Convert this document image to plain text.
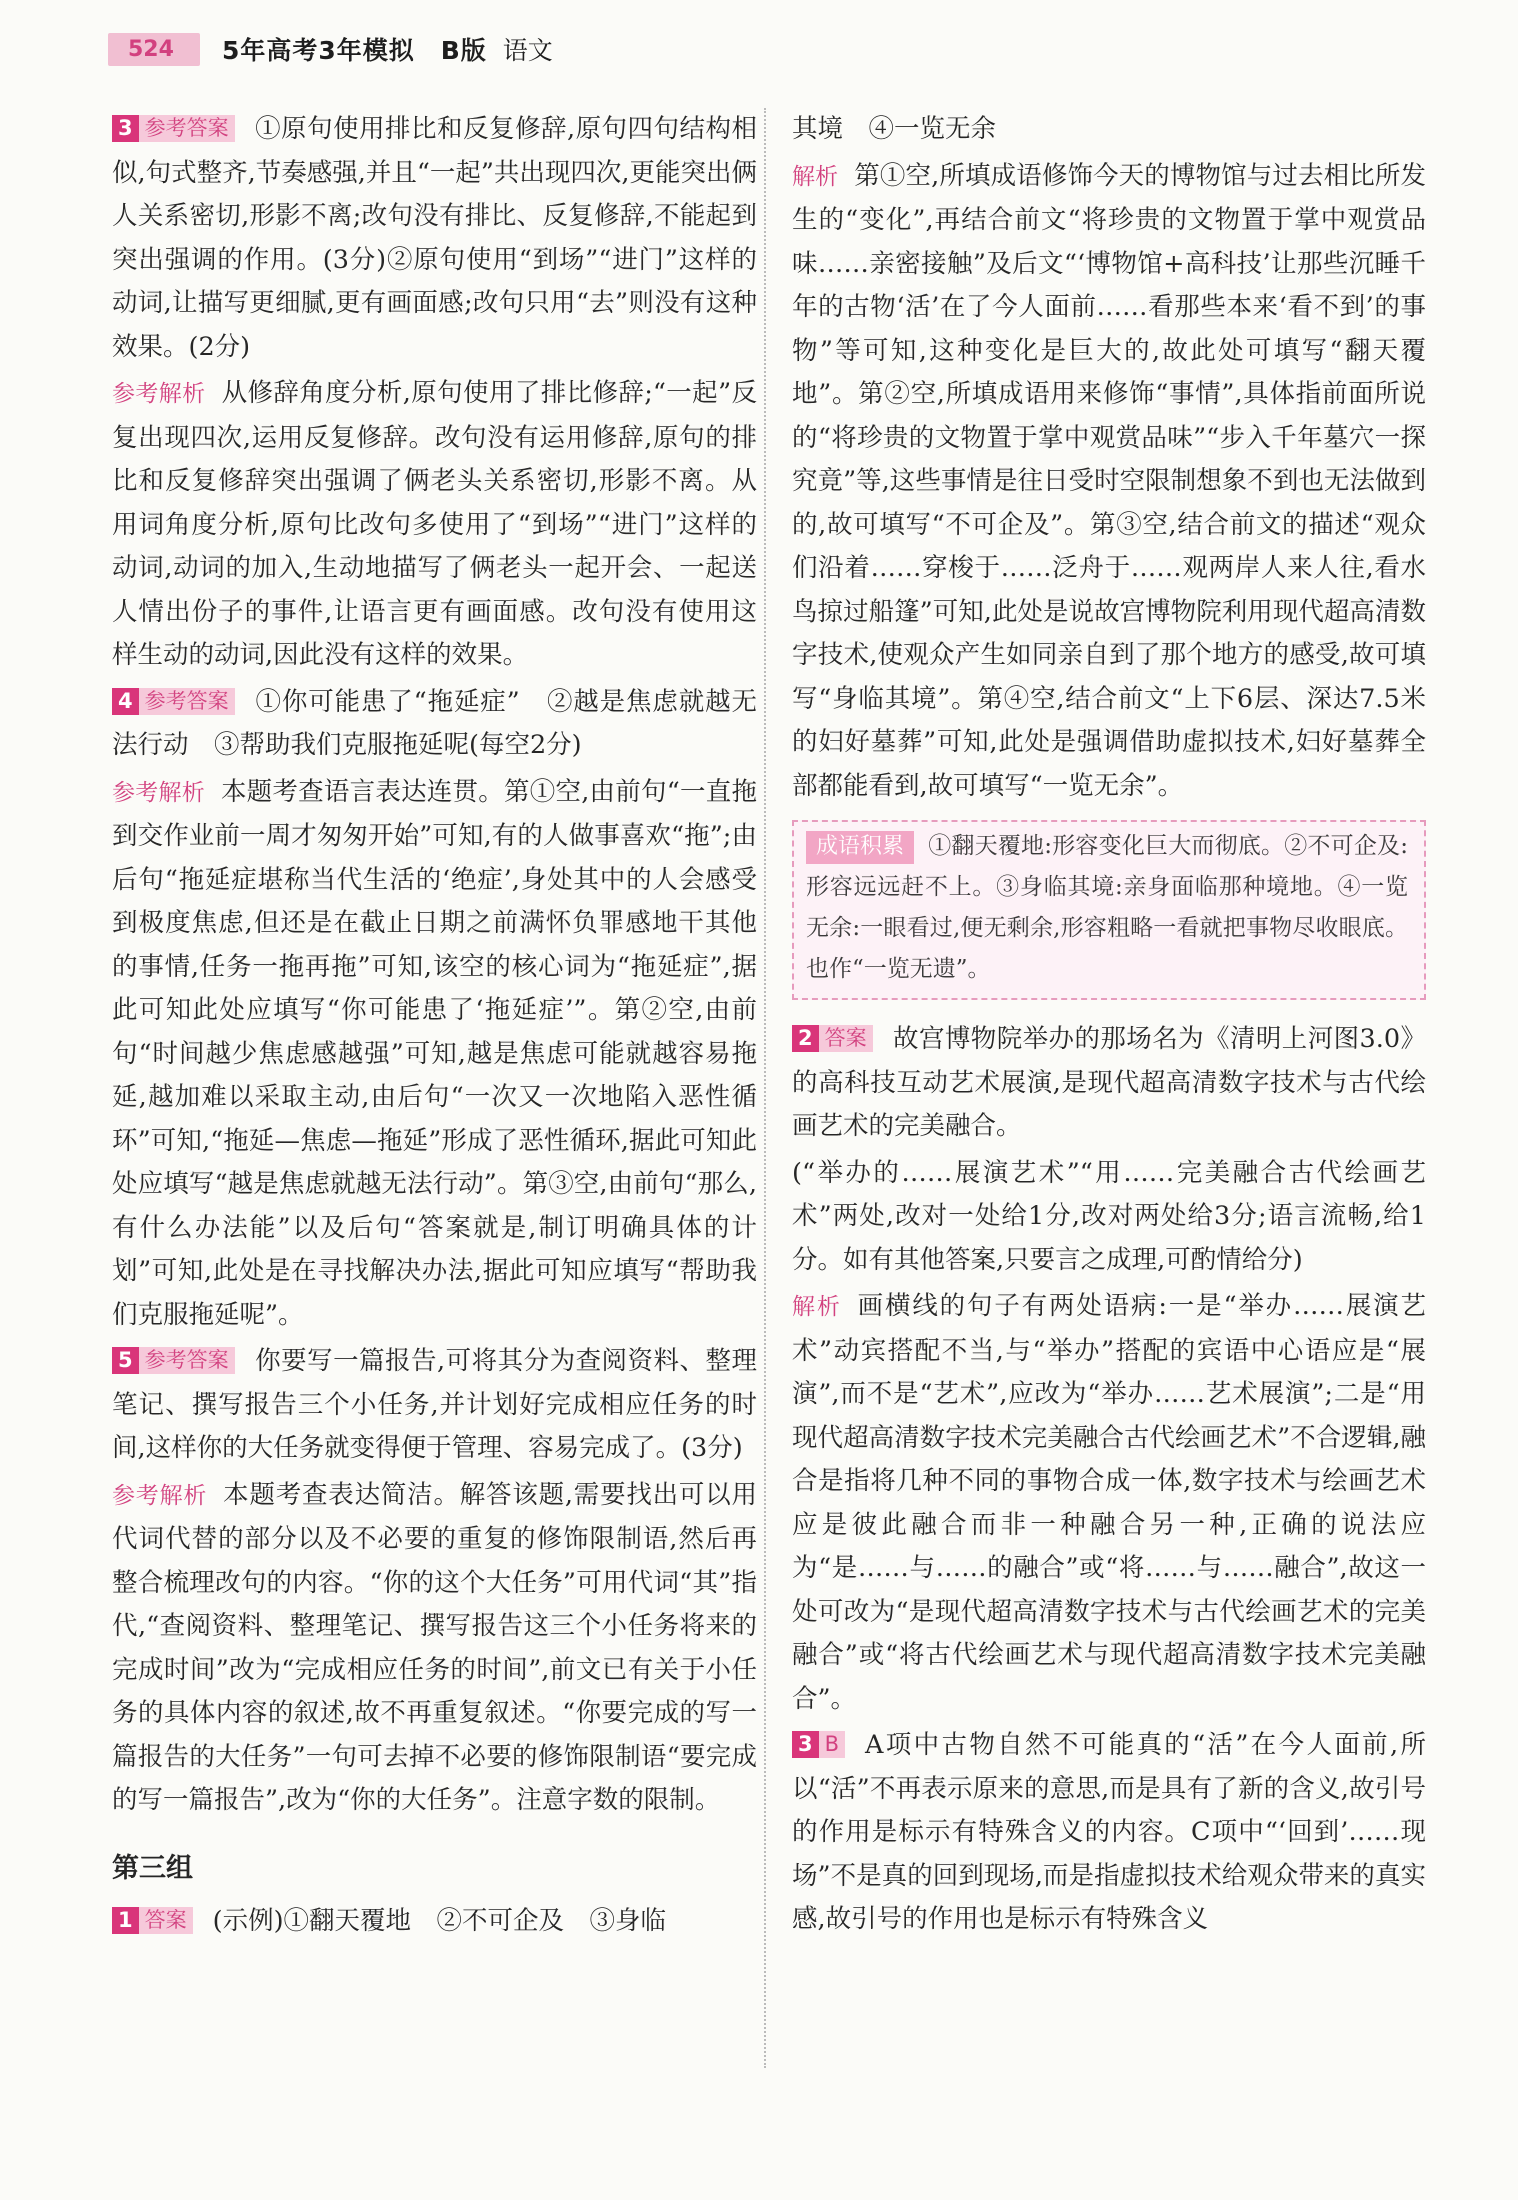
524	5年高考3年模拟　B版 语文

3 参考答案 ①原句使用排比和反复修辞,原句四句结构相似,句式整齐,节奏感强,并且“一起”共出现四次,更能突出俩人关系密切,形影不离;改句没有排比、反复修辞,不能起到突出强调的作用。(3分)②原句使用“到场”“进门”这样的动词,让描写更细腻,更有画面感;改句只用“去”则没有这种效果。(2分)

参考解析 从修辞角度分析,原句使用了排比修辞;“一起”反复出现四次,运用反复修辞。改句没有运用修辞,原句的排比和反复修辞突出强调了俩老头关系密切,形影不离。从用词角度分析,原句比改句多使用了“到场”“进门”这样的动词,动词的加入,生动地描写了俩老头一起开会、一起送人情出份子的事件,让语言更有画面感。改句没有使用这样生动的动词,因此没有这样的效果。

4 参考答案 ①你可能患了“拖延症”　②越是焦虑就越无法行动　③帮助我们克服拖延呢(每空2分)

参考解析 本题考查语言表达连贯。第①空,由前句“一直拖到交作业前一周才匆匆开始”可知,有的人做事喜欢“拖”;由后句“拖延症堪称当代生活的‘绝症’,身处其中的人会感受到极度焦虑,但还是在截止日期之前满怀负罪感地干其他的事情,任务一拖再拖”可知,该空的核心词为“拖延症”,据此可知此处应填写“你可能患了‘拖延症’”。第②空,由前句“时间越少焦虑感越强”可知,越是焦虑可能就越容易拖延,越加难以采取主动,由后句“一次又一次地陷入恶性循环”可知,“拖延—焦虑—拖延”形成了恶性循环,据此可知此处应填写“越是焦虑就越无法行动”。第③空,由前句“那么,有什么办法能”以及后句“答案就是,制订明确具体的计划”可知,此处是在寻找解决办法,据此可知应填写“帮助我们克服拖延呢”。

5 参考答案 你要写一篇报告,可将其分为查阅资料、整理笔记、撰写报告三个小任务,并计划好完成相应任务的时间,这样你的大任务就变得便于管理、容易完成了。(3分)

参考解析 本题考查表达简洁。解答该题,需要找出可以用代词代替的部分以及不必要的重复的修饰限制语,然后再整合梳理改句的内容。“你的这个大任务”可用代词“其”指代,“查阅资料、整理笔记、撰写报告这三个小任务将来的完成时间”改为“完成相应任务的时间”,前文已有关于小任务的具体内容的叙述,故不再重复叙述。“你要完成的写一篇报告的大任务”一句可去掉不必要的修饰限制语“要完成的写一篇报告”,改为“你的大任务”。注意字数的限制。

第三组

1 答案 (示例)①翻天覆地　②不可企及　③身临

其境　④一览无余

解析 第①空,所填成语修饰今天的博物馆与过去相比所发生的“变化”,再结合前文“将珍贵的文物置于掌中观赏品味……亲密接触”及后文“‘博物馆+高科技’让那些沉睡千年的古物‘活’在了今人面前……看那些本来‘看不到’的事物”等可知,这种变化是巨大的,故此处可填写“翻天覆地”。第②空,所填成语用来修饰“事情”,具体指前面所说的“将珍贵的文物置于掌中观赏品味”“步入千年墓穴一探究竟”等,这些事情是往日受时空限制想象不到也无法做到的,故可填写“不可企及”。第③空,结合前文的描述“观众们沿着……穿梭于……泛舟于……观两岸人来人往,看水鸟掠过船篷”可知,此处是说故宫博物院利用现代超高清数字技术,使观众产生如同亲自到了那个地方的感受,故可填写“身临其境”。第④空,结合前文“上下6层、深达7.5米的妇好墓葬”可知,此处是强调借助虚拟技术,妇好墓葬全部都能看到,故可填写“一览无余”。

成语积累 ①翻天覆地:形容变化巨大而彻底。②不可企及:形容远远赶不上。③身临其境:亲身面临那种境地。④一览无余:一眼看过,便无剩余,形容粗略一看就把事物尽收眼底。也作“一览无遗”。

2 答案 故宫博物院举办的那场名为《清明上河图3.0》的高科技互动艺术展演,是现代超高清数字技术与古代绘画艺术的完美融合。

(“举办的……展演艺术”“用……完美融合古代绘画艺术”两处,改对一处给1分,改对两处给3分;语言流畅,给1分。如有其他答案,只要言之成理,可酌情给分)

解析 画横线的句子有两处语病:一是“举办……展演艺术”动宾搭配不当,与“举办”搭配的宾语中心语应是“展演”,而不是“艺术”,应改为“举办……艺术展演”;二是“用现代超高清数字技术完美融合古代绘画艺术”不合逻辑,融合是指将几种不同的事物合成一体,数字技术与绘画艺术应是彼此融合而非一种融合另一种,正确的说法应为“是……与……的融合”或“将……与……融合”,故这一处可改为“是现代超高清数字技术与古代绘画艺术的完美融合”或“将古代绘画艺术与现代超高清数字技术完美融合”。

3 B A项中古物自然不可能真的“活”在今人面前,所以“活”不再表示原来的意思,而是具有了新的含义,故引号的作用是标示有特殊含义的内容。C项中“‘回到’……现场”不是真的回到现场,而是指虚拟技术给观众带来的真实感,故引号的作用也是标示有特殊含义
